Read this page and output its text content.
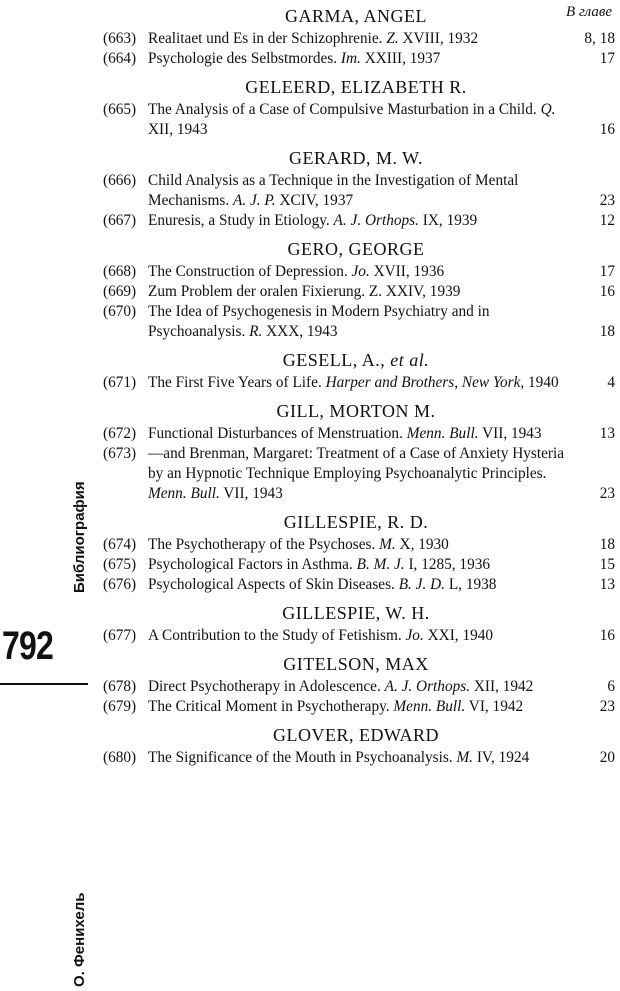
Библиография
792
О. Фенихель
В главе
GARMA, ANGEL
(663) Realitaet und Es in der Schizophrenie. Z. XVIII, 1932	8, 18
(664) Psychologie des Selbstmordes. Im. XXIII, 1937	17
GELEERD, ELIZABETH R.
(665) The Analysis of a Case of Compulsive Masturbation in a Child. Q. XII, 1943	16
GERARD, M. W.
(666) Child Analysis as a Technique in the Investigation of Mental Mechanisms. A. J. P. XCIV, 1937	23
(667) Enuresis, a Study in Etiology. A. J. Orthops. IX, 1939	12
GERO, GEORGE
(668) The Construction of Depression. Jo. XVII, 1936	17
(669) Zum Problem der oralen Fixierung. Z. XXIV, 1939	16
(670) The Idea of Psychogenesis in Modern Psychiatry and in Psychoanalysis. R. XXX, 1943	18
GESELL, A., et al.
(671) The First Five Years of Life. Harper and Brothers, New York, 1940	4
GILL, MORTON M.
(672) Functional Disturbances of Menstruation. Menn. Bull. VII, 1943	13
(673) —and Brenman, Margaret: Treatment of a Case of Anxiety Hysteria by an Hypnotic Technique Employing Psychoanalytic Principles. Menn. Bull. VII, 1943	23
GILLESPIE, R. D.
(674) The Psychotherapy of the Psychoses. M. X, 1930	18
(675) Psychological Factors in Asthma. B. M. J. I, 1285, 1936	15
(676) Psychological Aspects of Skin Diseases. B. J. D. L, 1938	13
GILLESPIE, W. H.
(677) A Contribution to the Study of Fetishism. Jo. XXI, 1940	16
GITELSON, MAX
(678) Direct Psychotherapy in Adolescence. A. J. Orthops. XII, 1942	6
(679) The Critical Moment in Psychotherapy. Menn. Bull. VI, 1942	23
GLOVER, EDWARD
(680) The Significance of the Mouth in Psychoanalysis. M. IV, 1924	20
